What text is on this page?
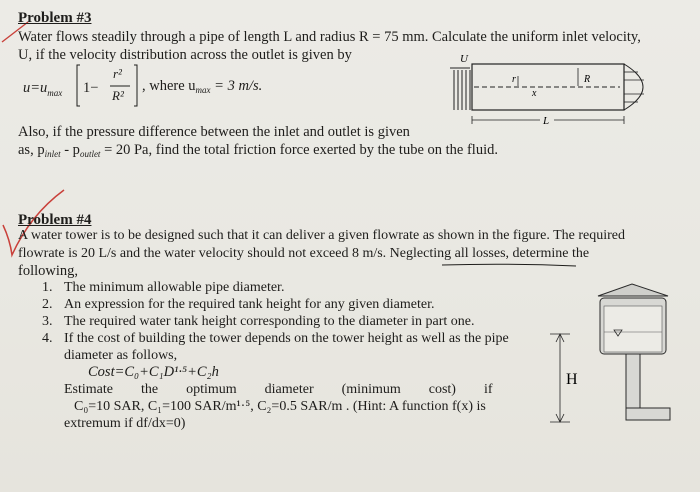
Problem #3
Water flows steadily through a pipe of length L and radius R = 75 mm. Calculate the uniform inlet velocity,
U, if the velocity distribution across the outlet is given by
$u=u_{max}$ 1−
r²
R²
, where $u_{max} = 3$ m/s.
U
r
x
R
L
Also, if the pressure difference between the inlet and outlet is given
as, $p_{inlet} - p_{outlet} = 20$ Pa, find the total friction force exerted by the tube on the fluid.
Problem #4
A water tower is to be designed such that it can deliver a given flowrate as shown in the figure. The required
flowrate is 20 L/s and the water velocity should not exceed 8 m/s. Neglecting all losses, determine the
following,
1. The minimum allowable pipe diameter.
2. An expression for the required tank height for any given diameter.
3. The required water tank height corresponding to the diameter in part one.
4. If the cost of building the tower depends on the tower height as well as the pipe
diameter as follows,
Cost=C₀+C₁D¹·⁵+C₂h
Estimate        the        optimum        diameter        (minimum        cost)        if
C₀=10 SAR, C₁=100 SAR/m¹·⁵, C₂=0.5 SAR/m . (Hint: A function f(x) is
extremum if df/dx=0)
H
